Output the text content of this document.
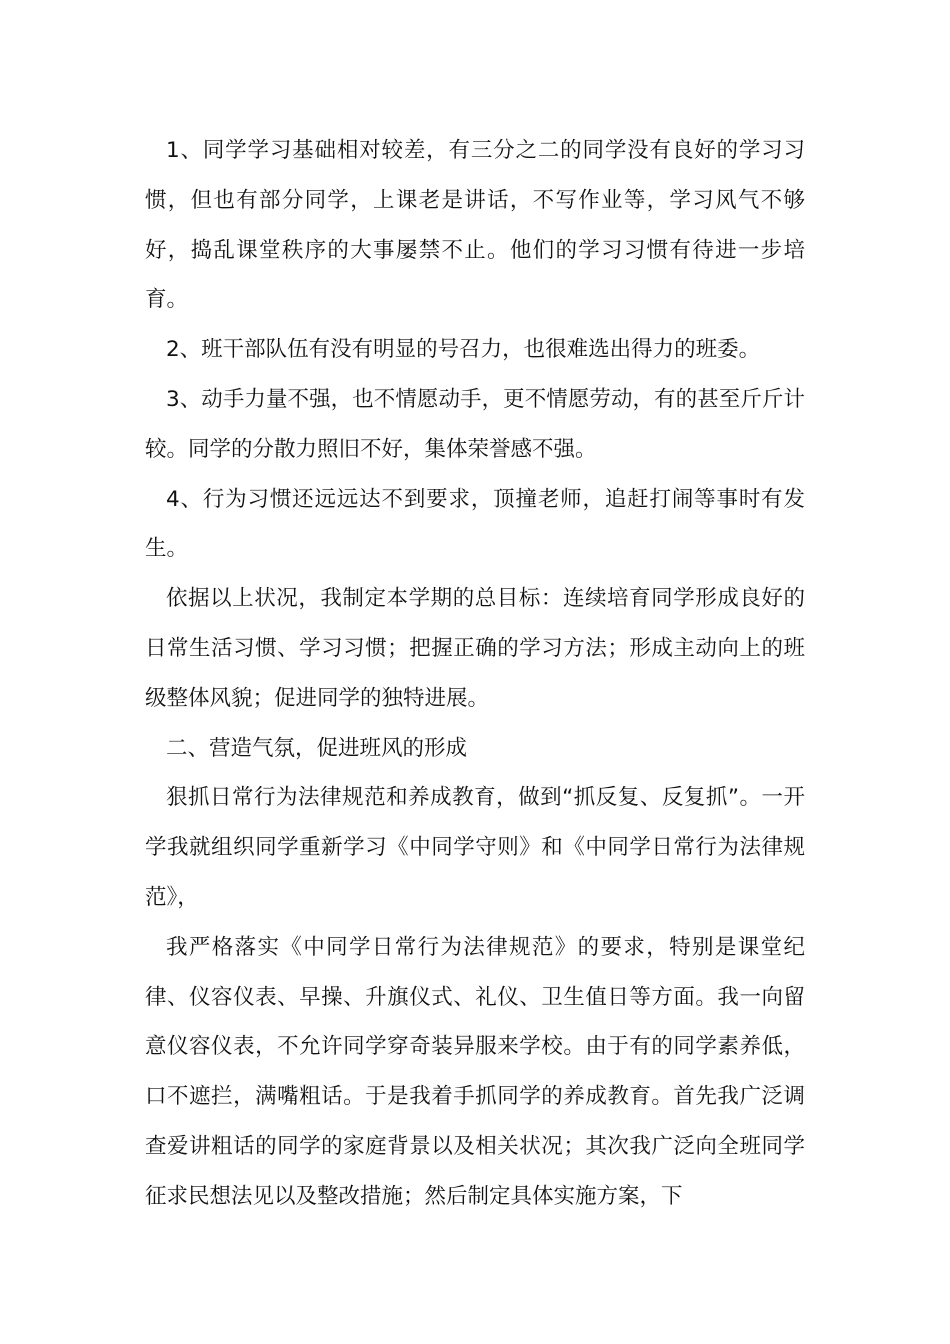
1、同学学习基础相对较差，有三分之二的同学没有良好的学习习惯，但也有部分同学，上课老是讲话，不写作业等，学习风气不够好，捣乱课堂秩序的大事屡禁不止。他们的学习习惯有待进一步培育。

2、班干部队伍有没有明显的号召力，也很难选出得力的班委。

3、动手力量不强，也不情愿动手，更不情愿劳动，有的甚至斤斤计较。同学的分散力照旧不好，集体荣誉感不强。

4、行为习惯还远远达不到要求，顶撞老师，追赶打闹等事时有发生。

依据以上状况，我制定本学期的总目标：连续培育同学形成良好的日常生活习惯、学习习惯；把握正确的学习方法；形成主动向上的班级整体风貌；促进同学的独特进展。

二、营造气氛，促进班风的形成

狠抓日常行为法律规范和养成教育，做到“抓反复、反复抓”。一开学我就组织同学重新学习《中同学守则》和《中同学日常行为法律规范》，

我严格落实《中同学日常行为法律规范》的要求，特别是课堂纪律、仪容仪表、早操、升旗仪式、礼仪、卫生值日等方面。我一向留意仪容仪表，不允许同学穿奇装异服来学校。由于有的同学素养低，口不遮拦，满嘴粗话。于是我着手抓同学的养成教育。首先我广泛调查爱讲粗话的同学的家庭背景以及相关状况；其次我广泛向全班同学征求民想法见以及整改措施；然后制定具体实施方案，下
